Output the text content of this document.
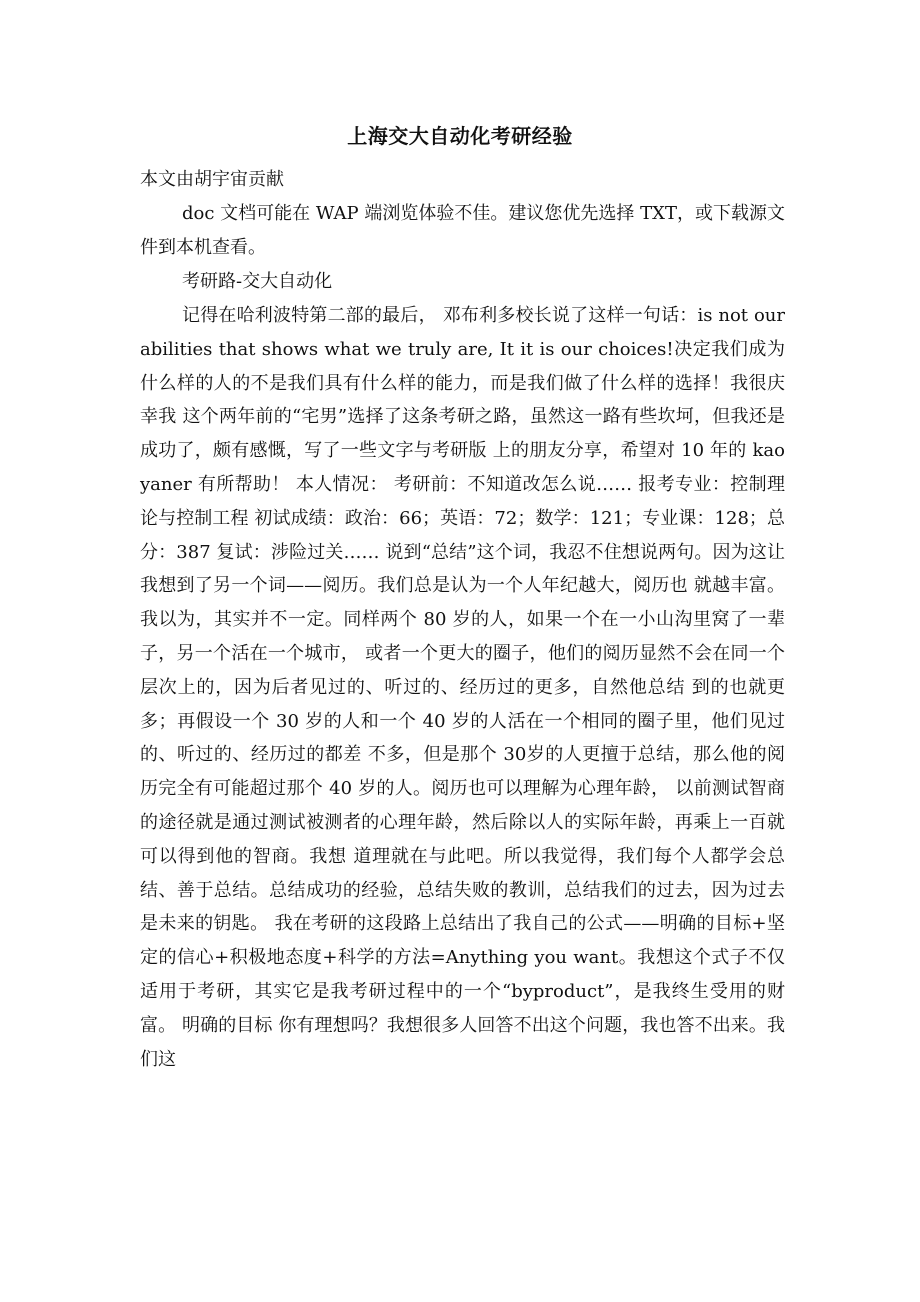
上海交大自动化考研经验
本文由胡宇宙贡献
doc 文档可能在 WAP 端浏览体验不佳。建议您优先选择 TXT，或下载源文件到本机查看。
考研路-交大自动化
记得在哈利波特第二部的最后， 邓布利多校长说了这样一句话：is not our abilities that shows what we truly are, It it is our choices!决定我们成为什么样的人的不是我们具有什么样的能力，而是我们做了什么样的选择！我很庆幸我 这个两年前的“宅男”选择了这条考研之路，虽然这一路有些坎坷，但我还是成功了，颇有感慨，写了一些文字与考研版 上的朋友分享，希望对 10 年的 kaoyaner 有所帮助！ 本人情况： 考研前：不知道改怎么说…… 报考专业：控制理论与控制工程 初试成绩：政治：66；英语：72；数学：121；专业课：128；总分：387 复试：涉险过关…… 说到“总结”这个词，我忍不住想说两句。因为这让我想到了另一个词——阅历。我们总是认为一个人年纪越大，阅历也 就越丰富。我以为，其实并不一定。同样两个 80 岁的人，如果一个在一小山沟里窝了一辈子，另一个活在一个城市， 或者一个更大的圈子，他们的阅历显然不会在同一个层次上的，因为后者见过的、听过的、经历过的更多，自然他总结 到的也就更多；再假设一个 30 岁的人和一个 40 岁的人活在一个相同的圈子里，他们见过的、听过的、经历过的都差 不多，但是那个 30岁的人更擅于总结，那么他的阅历完全有可能超过那个 40 岁的人。阅历也可以理解为心理年龄， 以前测试智商的途径就是通过测试被测者的心理年龄，然后除以人的实际年龄，再乘上一百就可以得到他的智商。我想 道理就在与此吧。所以我觉得，我们每个人都学会总结、善于总结。总结成功的经验，总结失败的教训，总结我们的过去，因为过去是未来的钥匙。 我在考研的这段路上总结出了我自己的公式——明确的目标+坚定的信心+积极地态度+科学的方法=Anything you want。我想这个式子不仅适用于考研，其实它是我考研过程中的一个“byproduct”，是我终生受用的财富。 明确的目标 你有理想吗？我想很多人回答不出这个问题，我也答不出来。我们这
